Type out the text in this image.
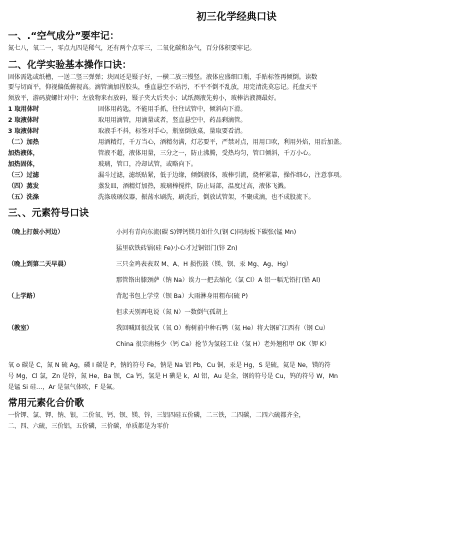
初三化学经典口诀
一、.“空气成分”要牢记：
氮七八，氧二一，零点九四是稀气，还有两个点零三，二氧化碳和杂气，百分体积要牢记。
二、化学实验基本操作口诀：
固体需匙或纸槽，一送二竖三弹弹；块固还是镊子好，一横二放三慢竖。液体应盛细口瓶，手贴标签再倾倒。读数
要与切面平，仰视偏低俯视高。滴管滴加捏胶头，垂直悬空不玷污，不平不倒不乱放，用完清洗莫忘记。托盘天平
须放平，游码旋螺针对中；左放物来右放码，镊子夹大后夹小；试纸测液先剪小，玻棒沾液测最好。
1 取用体时	固体用药匙，不能用手抓，往往试管中，倾斜向下滑。
2 取液体时	取用用滴管，用滴量或者，竖直悬空中，药品剩滴管。
3 取液体时	取液手不抖，标签对手心，瓶塞倒放桌，量取要看清。
（二）加热	用酒精灯，千万当心，酒精勿满，灯芯要平，严禁对点，用用口吹，利用外焰，用后加盖。
加热液体，	管液不超，液体用量，三分之一，防止沸腾，受热均匀，管口倾斜，千万小心。
加热固体，	玻璃，管口，冷却试管，或略向下。
（三）过滤	漏斗过滤，滤纸贴紧，低于边缘，倾倒液体，玻棒引流，烧杯紧靠，操作细心，注意事项。
（四）蒸发	蒸发皿，酒精灯加热，玻璃棒搅拌，防止局部，温度过高，液体飞溅。
（五）洗涤	洗涤玻璃仪器，振荡水刷洗，刷洗后，倒放试管架，不聚成滴，也不成股流下。
三、、元素符号口诀
（晚上打鼓小河边）	小河有青向东流(碳 S)钾钙镁月如什久(钢 C)同海板下碳张(锰 Mn)
猛里砍铁砖锅(硅 Fe)小心才过铜铝门(锌 Zn)
（晚上到第二天早晨）	三只金鸡表表双 M、A、H 损伤鼓（镁、钡、汞 Mg、Ag、Hg）
那管铬出膝颈萨（钠 Na）诶力一把去缩化（氯 Cl）A 铝一幅无铅打(铅 Al)
（上学路）	背起书包上学堂（钡 Ba）大雨淋身用粗布(硫 P)
但求天别再电说（氮 N）一数倒气孤胡上
（教室）	我回喊回很没氧（氧 O）梅树前中种石鸭（氦 He）将大钢矿江西有（钢 Cu）
China 很宗南杨少（钙 Ca）抢节为氢轻工业（氢 H）老外翘租甲 OK（钾 K）
氧 o 碳是 C，氮 N 硫 Ag，磷 I 碳是 P，钠的符号 Fe，钠是 Na 铝 Pb，Cu 铜，汞是 Hg，S 是硫，氦是 Ne，镁的符
号 Mg，Cl 氯，Zn 是锌，氮 He，Ba 钡，Ca 钙，氢是 H 碘是 k，Al 铝，Au 是金，钢的符号是 Cu，钨的符号 W，Mn
是锰 Si 硅…，Ar 是氩气体吹，F 是氟。
常用元素化合价歌
一价钾、氯、钾、钠、银，二价氧、钙、钡、镁、锌，三铝四硅五价磷，二三铁，二四碳，二四六硫都齐全，
二、四、六硫，三价铝，五价磷，三价碳，单质都是为零价
